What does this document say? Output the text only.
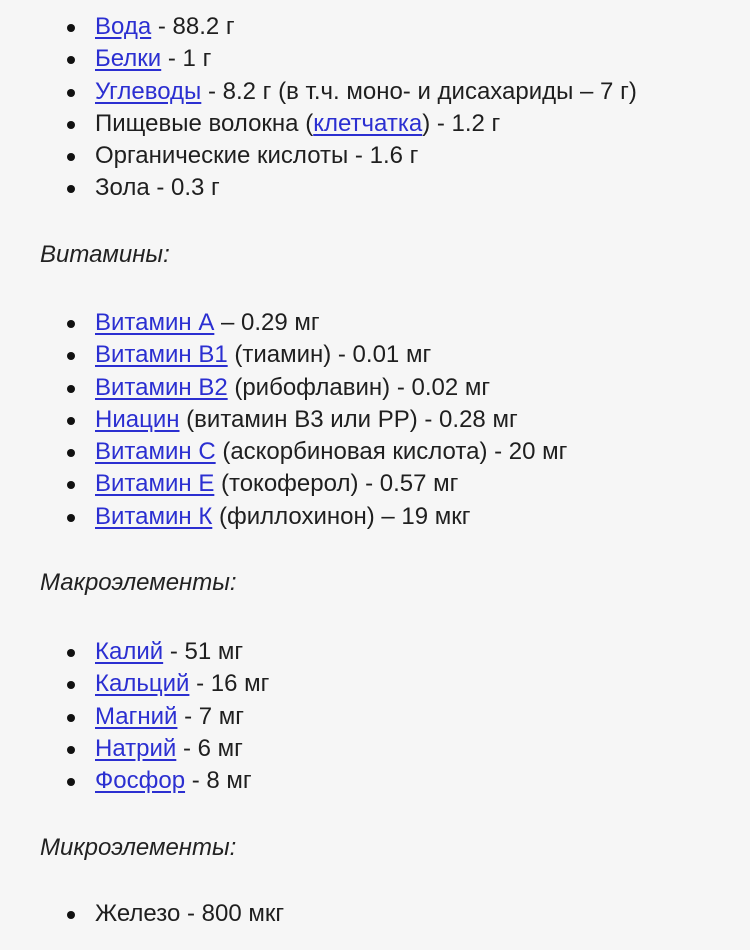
Вода - 88.2 г
Белки - 1 г
Углеводы - 8.2 г (в т.ч. моно- и дисахариды – 7 г)
Пищевые волокна (клетчатка) - 1.2 г
Органические кислоты - 1.6 г
Зола - 0.3 г
Витамины:
Витамин А – 0.29 мг
Витамин В1 (тиамин) - 0.01 мг
Витамин В2 (рибофлавин) - 0.02 мг
Ниацин (витамин В3 или РР) - 0.28 мг
Витамин С (аскорбиновая кислота) - 20 мг
Витамин Е (токоферол) - 0.57 мг
Витамин К (филлохинон) – 19 мкг
Макроэлементы:
Калий - 51 мг
Кальций - 16 мг
Магний - 7 мг
Натрий - 6 мг
Фосфор - 8 мг
Микроэлементы:
Железо - 800 мкг
